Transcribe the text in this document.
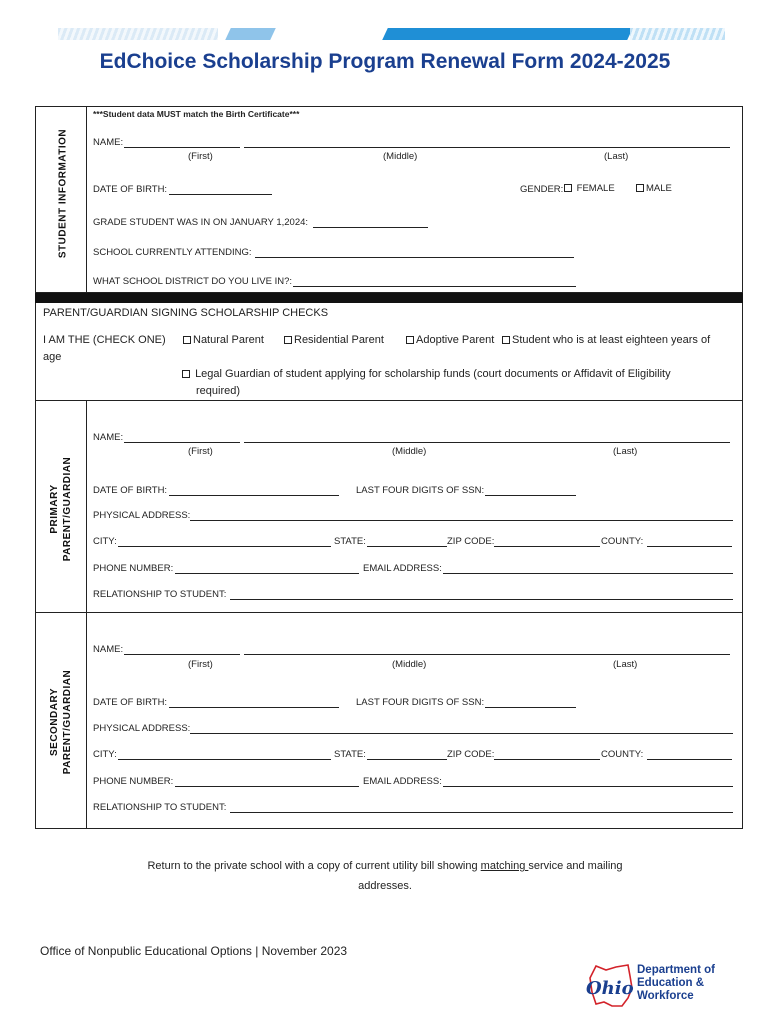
EdChoice Scholarship Program Renewal Form 2024-2025
STUDENT INFORMATION
***Student data MUST match the Birth Certificate***
NAME:
(First)	(Middle)	(Last)
DATE OF BIRTH:	GENDER:	FEMALE	MALE
GRADE STUDENT WAS IN ON JANUARY 1,2024:
SCHOOL CURRENTLY ATTENDING:
WHAT SCHOOL DISTRICT DO YOU LIVE IN?:
PARENT/GUARDIAN SIGNING SCHOLARSHIP CHECKS
I AM THE (CHECK ONE)	Natural Parent	Residential Parent	Adoptive Parent	Student who is at least eighteen years of
age
Legal Guardian of student applying for scholarship funds (court documents or Affidavit of Eligibility
required)
PRIMARY PARENT/GUARDIAN
NAME:
(First)	(Middle)	(Last)
DATE OF BIRTH:	LAST FOUR DIGITS OF SSN:
PHYSICAL ADDRESS:
CITY:	STATE:	ZIP CODE:	COUNTY:
PHONE NUMBER:	EMAIL ADDRESS:
RELATIONSHIP TO STUDENT:
SECONDARY PARENT/GUARDIAN
NAME:
(First)	(Middle)	(Last)
DATE OF BIRTH:	LAST FOUR DIGITS OF SSN:
PHYSICAL ADDRESS:
CITY:	STATE:	ZIP CODE:	COUNTY:
PHONE NUMBER:	EMAIL ADDRESS:
RELATIONSHIP TO STUDENT:
Return to the private school with a copy of current utility bill showing matching service and mailing
addresses.
Office of Nonpublic Educational Options | November 2023
Ohio
Department of
Education &
Workforce
